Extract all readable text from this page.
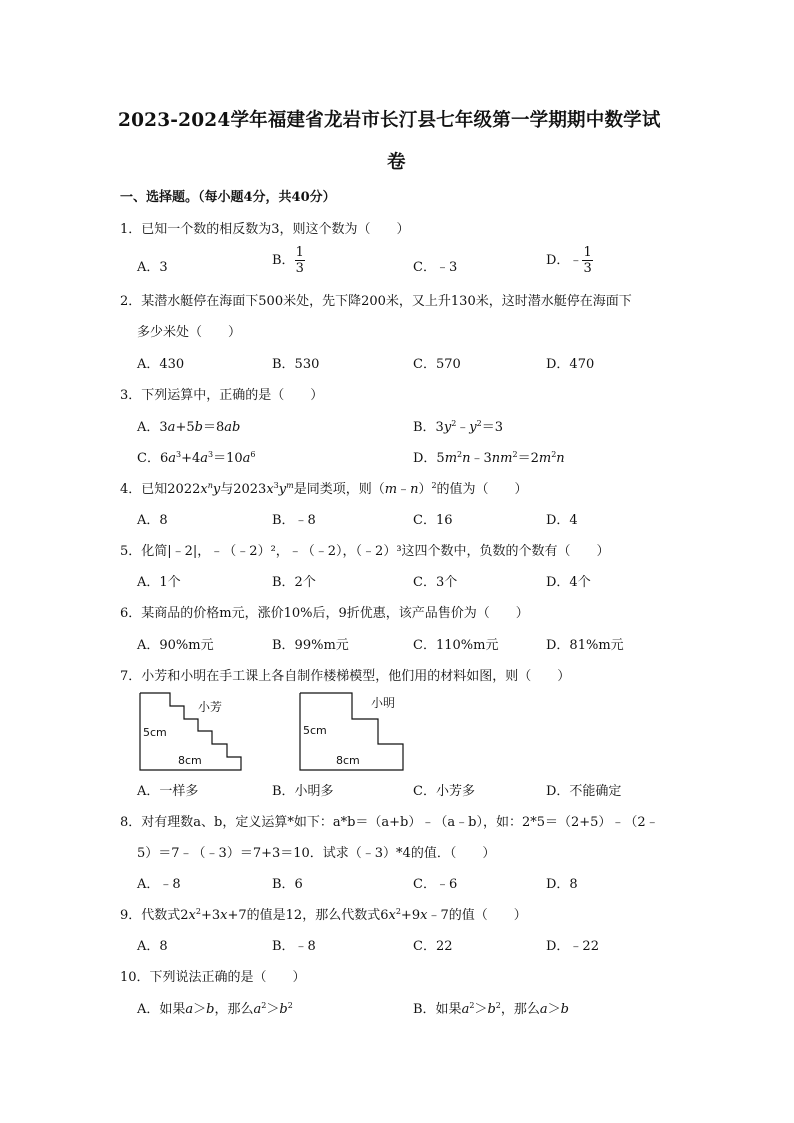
2023-2024学年福建省龙岩市长汀县七年级第一学期期中数学试
卷
一、选择题。（每小题4分，共40分）
1．已知一个数的相反数为3，则这个数为（　　）
A．3	B． $\frac{1}{3}$	C．﹣3	D．﹣ $\frac{1}{3}$
2．某潜水艇停在海面下500米处，先下降200米，又上升130米，这时潜水艇停在海面下
多少米处（　　）
A．430	B．530	C．570	D．470
3．下列运算中，正确的是（　　）
A．3a+5b＝8ab	B．$3y^2﹣y^2=3$
C．$6a^3+4a^3=10a^6$	D．$5m^2n﹣3nm^2=2m^2n$
4．已知$2022x^ny$与$2023x^3y^m$是同类项，则（m﹣n）$^2$的值为（　　）
A．8	B．﹣8	C．16	D．4
5．化简|﹣2|，﹣（﹣2）²，﹣（﹣2），（﹣2）³这四个数中，负数的个数有（　　）
A．1个	B．2个	C．3个	D．4个
6．某商品的价格m元，涨价10%后，9折优惠，该产品售价为（　　）
A．90%m元	B．99%m元	C．110%m元	D．81%m元
7．小芳和小明在手工课上各自制作楼梯模型，他们用的材料如图，则（　　）
小芳
5cm
8cm
小明
5cm
8cm
A．一样多	B．小明多	C．小芳多	D．不能确定
8．对有理数a、b，定义运算*如下：a*b＝（a+b）﹣（a﹣b），如：2*5＝（2+5）﹣（2﹣
5）＝7﹣（﹣3）＝7+3＝10．试求（﹣3）*4的值．（　　）
A．﹣8	B．6	C．﹣6	D．8
9．代数式$2x^2+3x+7$的值是12，那么代数式$6x^2+9x﹣7$的值（　　）
A．8	B．﹣8	C．22	D．﹣22
10．下列说法正确的是（　　）
A．如果a＞b，那么$a^2>b^2$	B．如果$a^2>b^2$，那么a＞b
